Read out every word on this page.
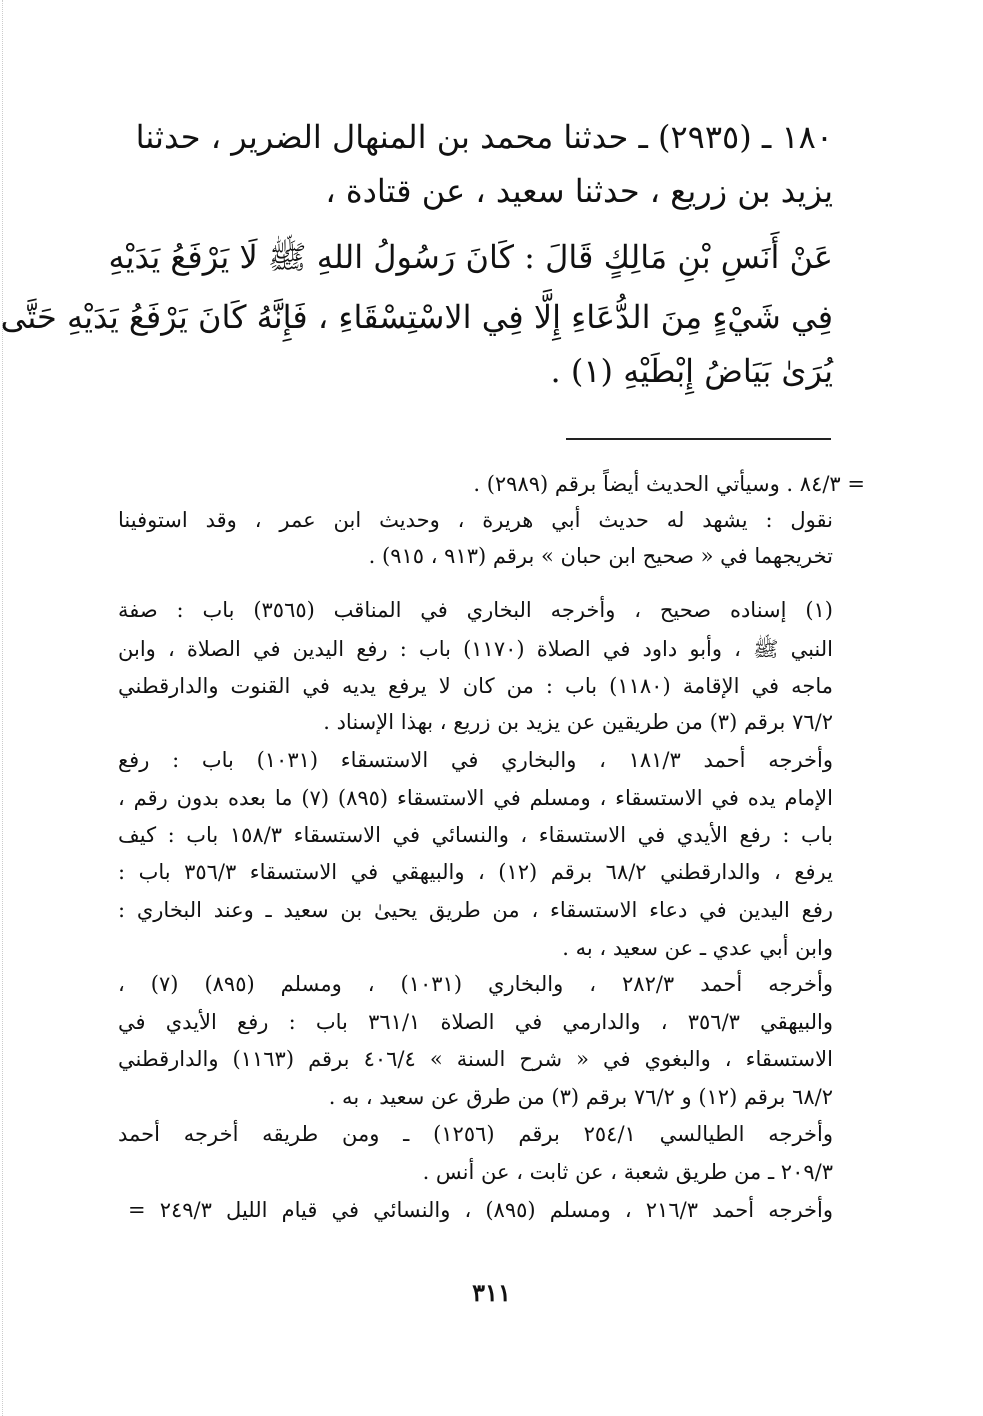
١٨٠ ـ (٢٩٣٥) ـ حدثنا محمد بن المنهال الضرير ، حدثنا
يزيد بن زريع ، حدثنا سعيد ، عن قتادة ،
عَنْ أَنَسِ بْنِ مَالِكٍ قَالَ : كَانَ رَسُولُ اللهِ ﷺ لَا يَرْفَعُ يَدَيْهِ
فِي شَيْءٍ مِنَ الدُّعَاءِ إِلَّا فِي الاسْتِسْقَاءِ ، فَإِنَّهُ كَانَ يَرْفَعُ يَدَيْهِ حَتَّى
يُرَىٰ بَيَاضُ إِبْطَيْهِ (١) .
= ٨٤/٣ . وسيأتي الحديث أيضاً برقم (٢٩٨٩) .
نقول : يشهد له حديث أبي هريرة ، وحديث ابن عمر ، وقد استوفينا
تخريجهما في « صحيح ابن حبان » برقم (٩١٣ ، ٩١٥) .
(١) إسناده صحيح ، وأخرجه البخاري في المناقب (٣٥٦٥) باب : صفة
النبي ﷺ ، وأبو داود في الصلاة (١١٧٠) باب : رفع اليدين في الصلاة ، وابن
ماجه في الإقامة (١١٨٠) باب : من كان لا يرفع يديه في القنوت والدارقطني
٧٦/٢ برقم (٣) من طريقين عن يزيد بن زريع ، بهذا الإسناد .
وأخرجه أحمد ١٨١/٣ ، والبخاري في الاستسقاء (١٠٣١) باب : رفع
الإمام يده في الاستسقاء ، ومسلم في الاستسقاء (٨٩٥) (٧) ما بعده بدون رقم ،
باب : رفع الأيدي في الاستسقاء ، والنسائي في الاستسقاء ١٥٨/٣ باب : كيف
يرفع ، والدارقطني ٦٨/٢ برقم (١٢) ، والبيهقي في الاستسقاء ٣٥٦/٣ باب :
رفع اليدين في دعاء الاستسقاء ، من طريق يحيىٰ بن سعيد ـ وعند البخاري :
وابن أبي عدي ـ عن سعيد ، به .
وأخرجه أحمد ٢٨٢/٣ ، والبخاري (١٠٣١) ، ومسلم (٨٩٥) (٧) ،
والبيهقي ٣٥٦/٣ ، والدارمي في الصلاة ٣٦١/١ باب : رفع الأيدي في
الاستسقاء ، والبغوي في « شرح السنة » ٤٠٦/٤ برقم (١١٦٣) والدارقطني
٦٨/٢ برقم (١٢) و ٧٦/٢ برقم (٣) من طرق عن سعيد ، به .
وأخرجه الطيالسي ٢٥٤/١ برقم (١٢٥٦) ـ ومن طريقه أخرجه أحمد
٢٠٩/٣ ـ من طريق شعبة ، عن ثابت ، عن أنس .
وأخرجه أحمد ٢١٦/٣ ، ومسلم (٨٩٥) ، والنسائي في قيام الليل ٢٤٩/٣ =
٣١١
